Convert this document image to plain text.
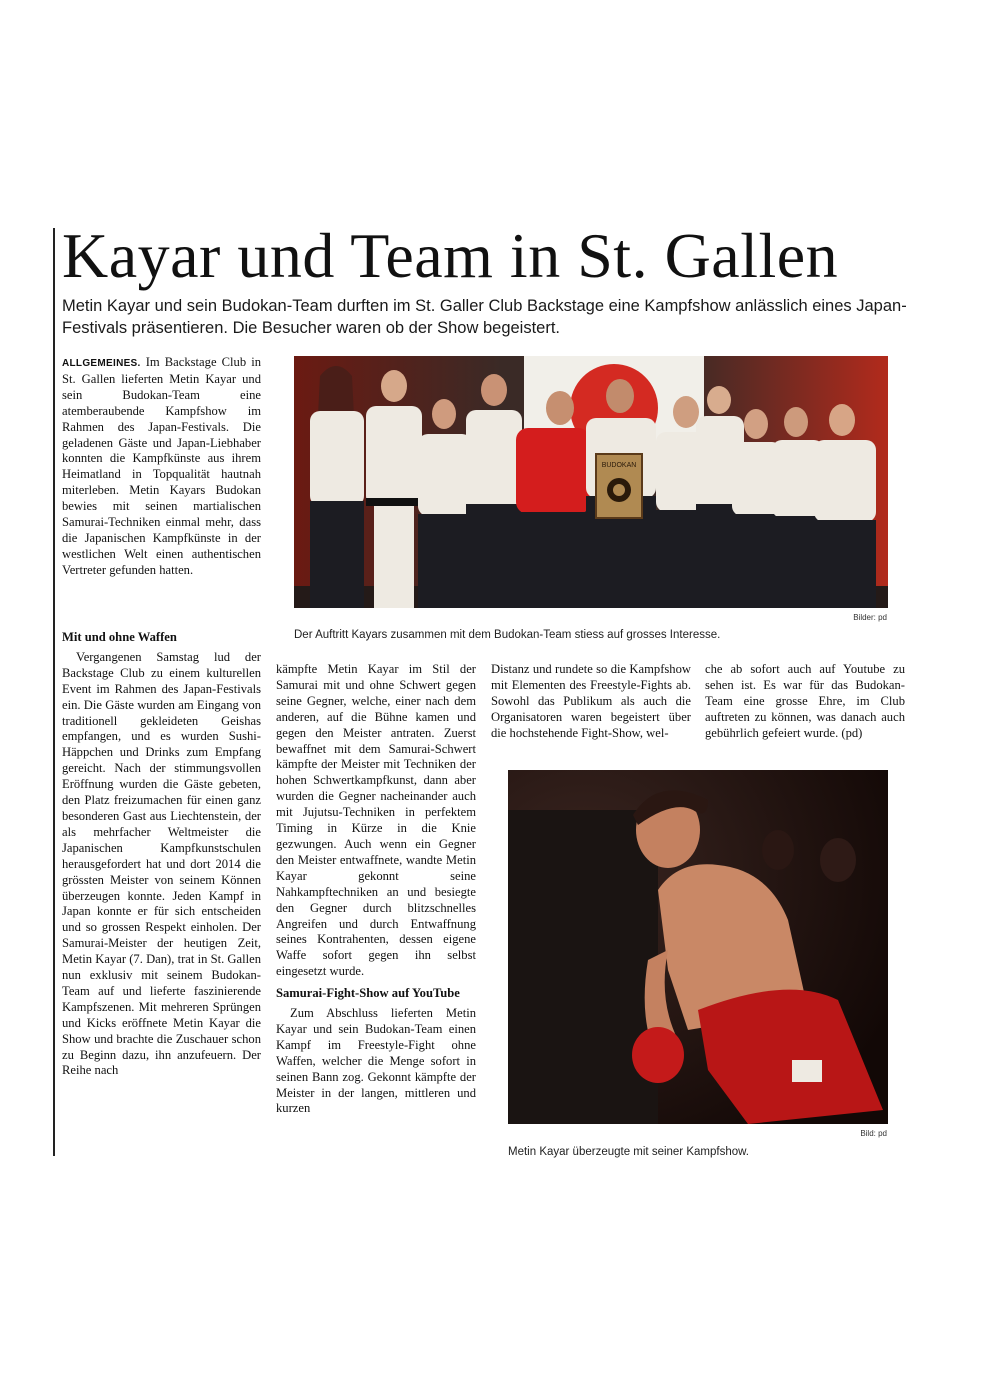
Kayar und Team in St. Gallen

Metin Kayar und sein Budokan-Team durften im St. Galler Club Backstage eine Kampfshow anlässlich eines Japan-Festivals präsentieren. Die Besucher waren ob der Show begeistert.

ALLGEMEINES. Im Backstage Club in St. Gallen lieferten Metin Kayar und sein Budokan-Team eine atemberaubende Kampfshow im Rahmen des Japan-Festivals. Die geladenen Gäste und Japan-Liebhaber konnten die Kampfkünste aus ihrem Heimatland in Topqualität hautnah miterleben. Metin Kayars Budokan bewies mit seinen martialischen Samurai-Techniken einmal mehr, dass die Japanischen Kampfkünste in der westlichen Welt einen authentischen Vertreter gefunden hatten.

Mit und ohne Waffen

Vergangenen Samstag lud der Backstage Club zu einem kulturellen Event im Rahmen des Japan-Festivals ein. Die Gäste wurden am Eingang von traditionell gekleideten Geishas empfangen, und es wurden Sushi-Häppchen und Drinks zum Empfang gereicht. Nach der stimmungsvollen Eröffnung wurden die Gäste gebeten, den Platz freizumachen für einen ganz besonderen Gast aus Liechtenstein, der als mehrfacher Weltmeister die Japanischen Kampfkunstschulen herausgefordert hat und dort 2014 die grössten Meister von seinem Können überzeugen konnte. Jeden Kampf in Japan konnte er für sich entscheiden und so grossen Respekt einholen. Der Samurai-Meister der heutigen Zeit, Metin Kayar (7. Dan), trat in St. Gallen nun exklusiv mit seinem Budokan-Team auf und lieferte faszinierende Kampfszenen. Mit mehreren Sprüngen und Kicks eröffnete Metin Kayar die Show und brachte die Zuschauer schon zu Beginn dazu, ihn anzufeuern. Der Reihe nach

kämpfte Metin Kayar im Stil der Samurai mit und ohne Schwert gegen seine Gegner, welche, einer nach dem anderen, auf die Bühne kamen und gegen den Meister antraten. Zuerst bewaffnet mit dem Samurai-Schwert kämpfte der Meister mit Techniken der hohen Schwertkampfkunst, dann aber wurden die Gegner nacheinander auch mit Jujutsu-Techniken in perfektem Timing in Kürze in die Knie gezwungen. Auch wenn ein Gegner den Meister entwaffnete, wandte Metin Kayar gekonnt seine Nahkampftechniken an und besiegte den Gegner durch blitzschnelles Angreifen und durch Entwaffnung seines Kontrahenten, dessen eigene Waffe sofort gegen ihn selbst eingesetzt wurde.

Samurai-Fight-Show auf YouTube

Zum Abschluss lieferten Metin Kayar und sein Budokan-Team einen Kampf im Freestyle-Fight ohne Waffen, welcher die Menge sofort in seinen Bann zog. Gekonnt kämpfte der Meister in der langen, mittleren und kurzen

Distanz und rundete so die Kampfshow mit Elementen des Freestyle-Fights ab. Sowohl das Publikum als auch die Organisatoren waren begeistert über die hochstehende Fight-Show, wel-

che ab sofort auch auf Youtube zu sehen ist. Es war für das Budokan-Team eine grosse Ehre, im Club auftreten zu können, was danach auch gebührlich gefeiert wurde. (pd)

BUDOKAN
Bilder: pd

Der Auftritt Kayars zusammen mit dem Budokan-Team stiess auf grosses Interesse.

Bild: pd

Metin Kayar überzeugte mit seiner Kampfshow.
